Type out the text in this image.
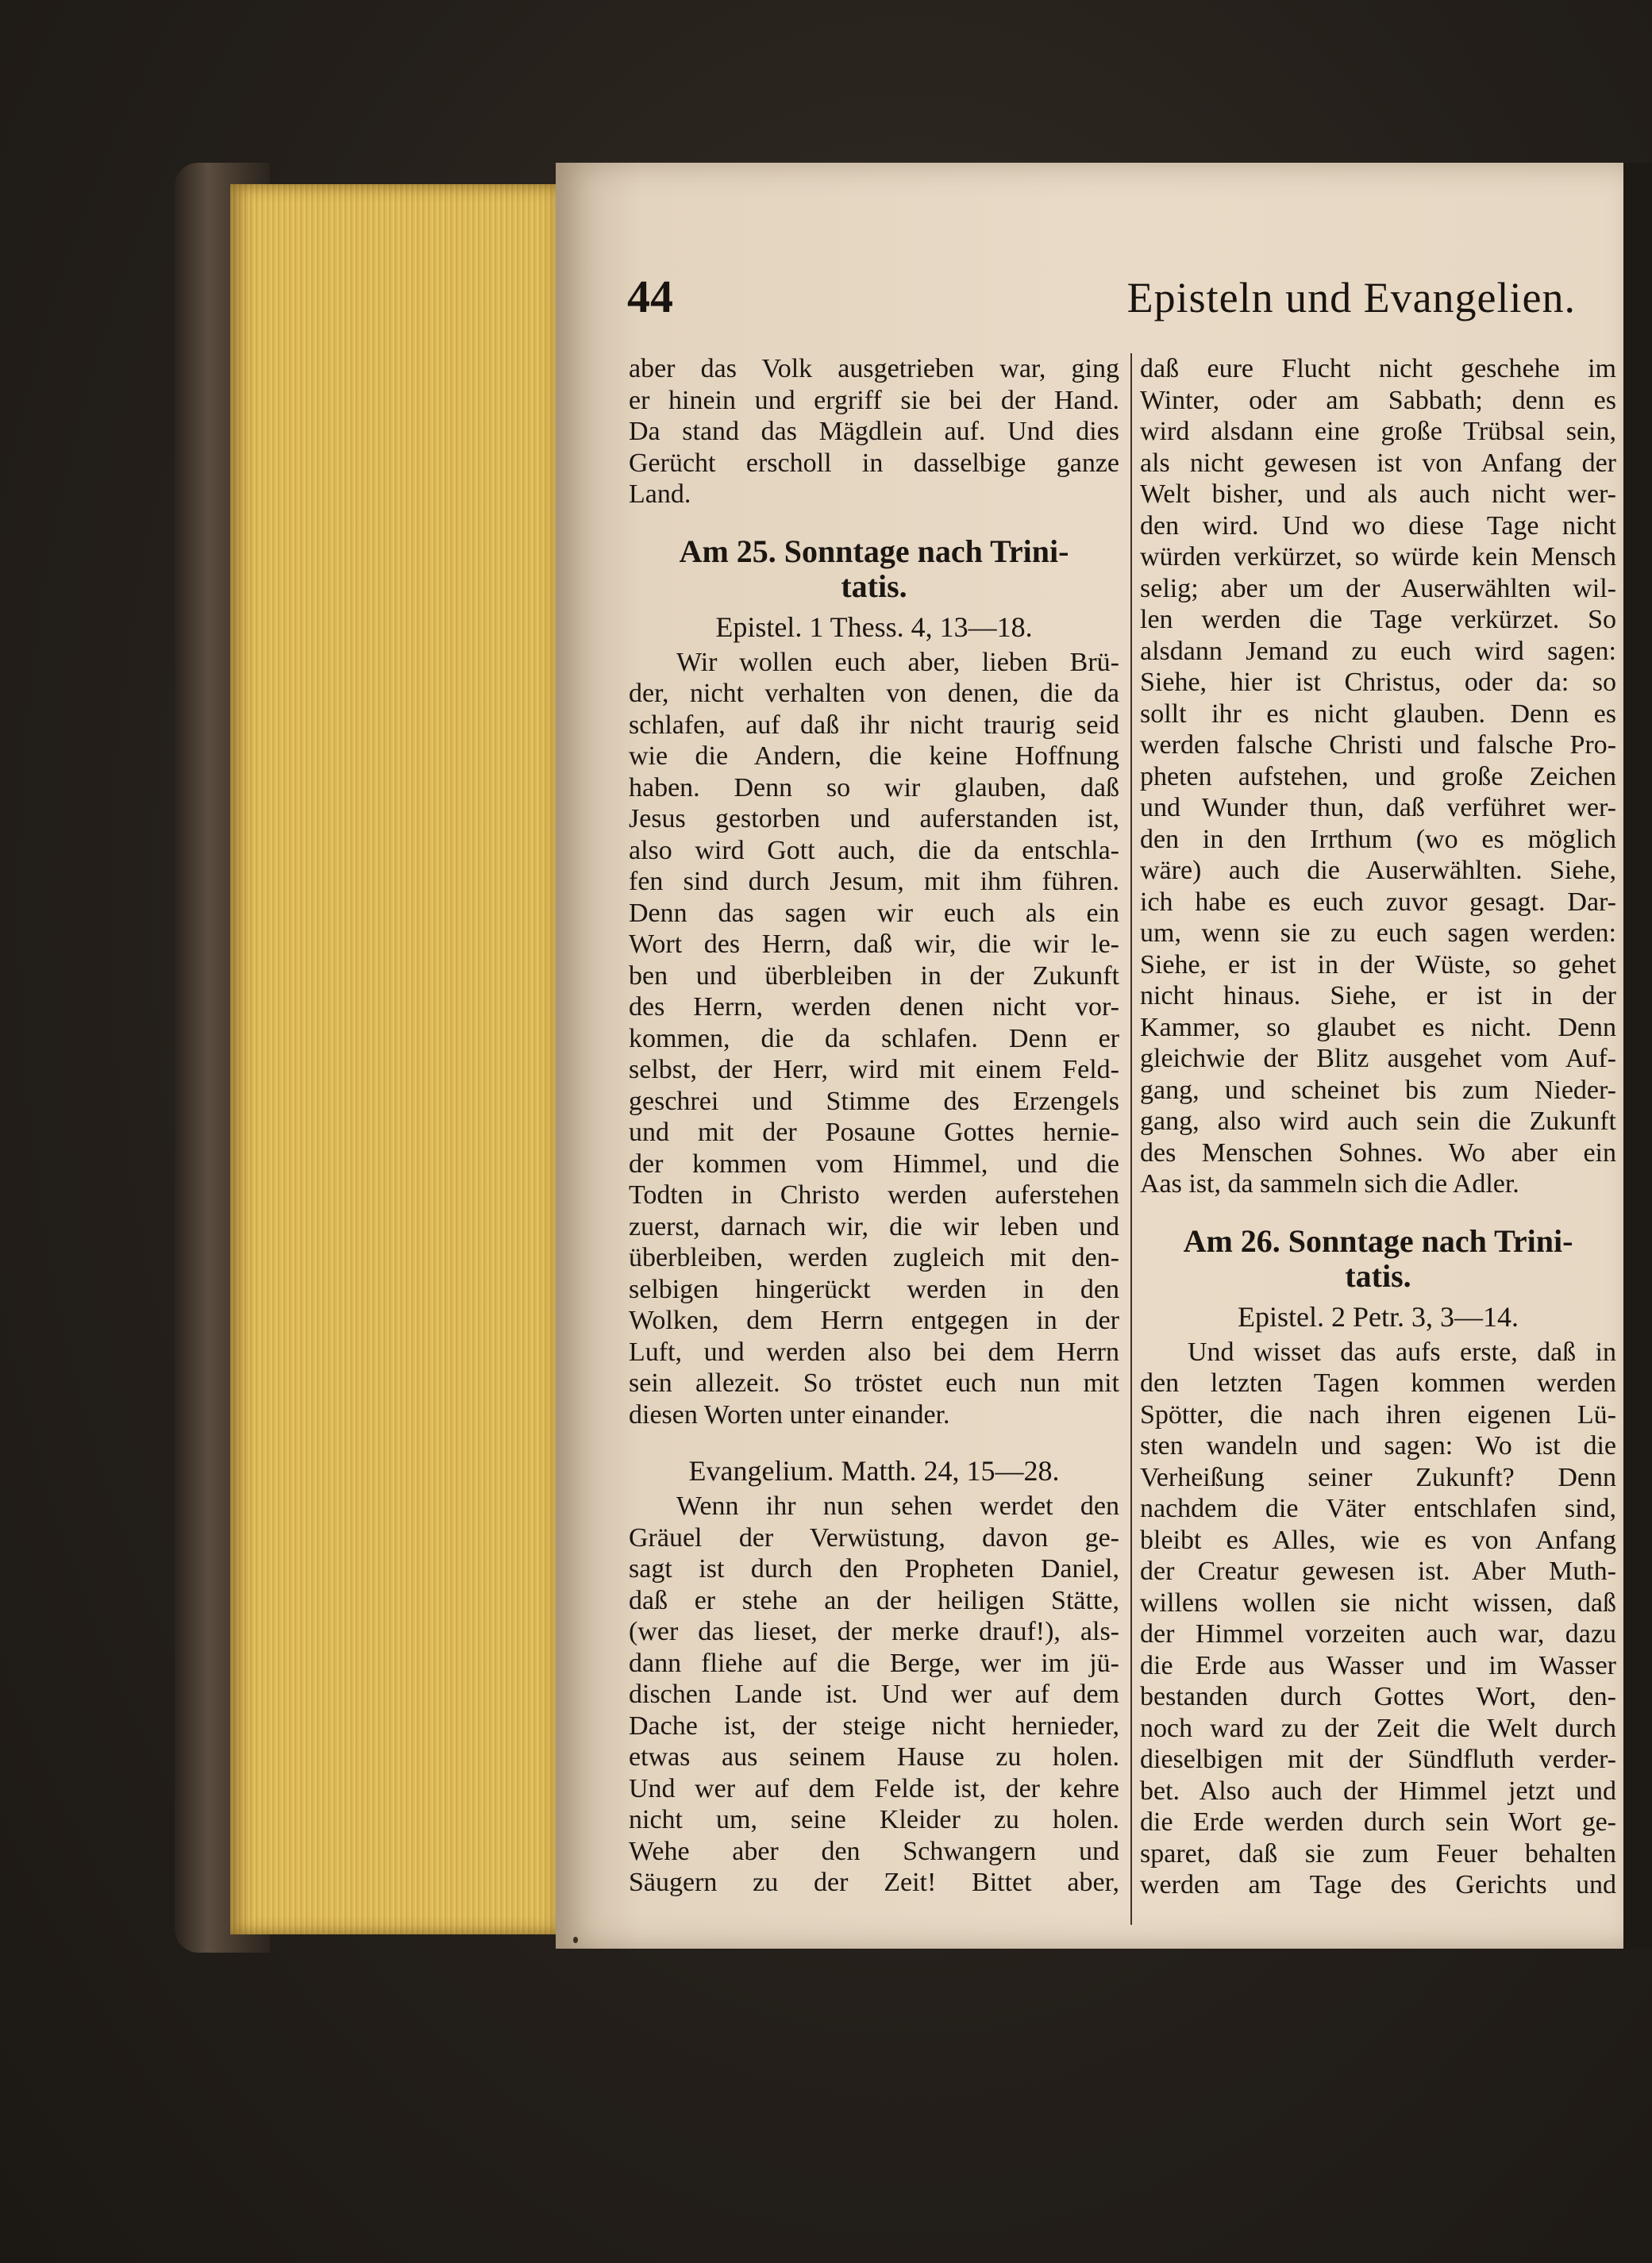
44	Episteln und Evangelien.
aber das Volk ausgetrieben war, ging
er hinein und ergriff sie bei der Hand.
Da stand das Mägdlein auf. Und dies
Gerücht erscholl in dasselbige ganze
Land.
Am 25. Sonntage nach Trini-
tatis.
Epistel. 1 Thess. 4, 13—18.
Wir wollen euch aber, lieben Brü-
der, nicht verhalten von denen, die da
schlafen, auf daß ihr nicht traurig seid
wie die Andern, die keine Hoffnung
haben. Denn so wir glauben, daß
Jesus gestorben und auferstanden ist,
also wird Gott auch, die da entschla-
fen sind durch Jesum, mit ihm führen.
Denn das sagen wir euch als ein
Wort des Herrn, daß wir, die wir le-
ben und überbleiben in der Zukunft
des Herrn, werden denen nicht vor-
kommen, die da schlafen. Denn er
selbst, der Herr, wird mit einem Feld-
geschrei und Stimme des Erzengels
und mit der Posaune Gottes hernie-
der kommen vom Himmel, und die
Todten in Christo werden auferstehen
zuerst, darnach wir, die wir leben und
überbleiben, werden zugleich mit den-
selbigen hingerückt werden in den
Wolken, dem Herrn entgegen in der
Luft, und werden also bei dem Herrn
sein allezeit. So tröstet euch nun mit
diesen Worten unter einander.
Evangelium. Matth. 24, 15—28.
Wenn ihr nun sehen werdet den
Gräuel der Verwüstung, davon ge-
sagt ist durch den Propheten Daniel,
daß er stehe an der heiligen Stätte,
(wer das lieset, der merke drauf!), als-
dann fliehe auf die Berge, wer im jü-
dischen Lande ist. Und wer auf dem
Dache ist, der steige nicht hernieder,
etwas aus seinem Hause zu holen.
Und wer auf dem Felde ist, der kehre
nicht um, seine Kleider zu holen.
Wehe aber den Schwangern und
Säugern zu der Zeit! Bittet aber,
daß eure Flucht nicht geschehe im
Winter, oder am Sabbath; denn es
wird alsdann eine große Trübsal sein,
als nicht gewesen ist von Anfang der
Welt bisher, und als auch nicht wer-
den wird. Und wo diese Tage nicht
würden verkürzet, so würde kein Mensch
selig; aber um der Auserwählten wil-
len werden die Tage verkürzet. So
alsdann Jemand zu euch wird sagen:
Siehe, hier ist Christus, oder da: so
sollt ihr es nicht glauben. Denn es
werden falsche Christi und falsche Pro-
pheten aufstehen, und große Zeichen
und Wunder thun, daß verführet wer-
den in den Irrthum (wo es möglich
wäre) auch die Auserwählten. Siehe,
ich habe es euch zuvor gesagt. Dar-
um, wenn sie zu euch sagen werden:
Siehe, er ist in der Wüste, so gehet
nicht hinaus. Siehe, er ist in der
Kammer, so glaubet es nicht. Denn
gleichwie der Blitz ausgehet vom Auf-
gang, und scheinet bis zum Nieder-
gang, also wird auch sein die Zukunft
des Menschen Sohnes. Wo aber ein
Aas ist, da sammeln sich die Adler.
Am 26. Sonntage nach Trini-
tatis.
Epistel. 2 Petr. 3, 3—14.
Und wisset das aufs erste, daß in
den letzten Tagen kommen werden
Spötter, die nach ihren eigenen Lü-
sten wandeln und sagen: Wo ist die
Verheißung seiner Zukunft? Denn
nachdem die Väter entschlafen sind,
bleibt es Alles, wie es von Anfang
der Creatur gewesen ist. Aber Muth-
willens wollen sie nicht wissen, daß
der Himmel vorzeiten auch war, dazu
die Erde aus Wasser und im Wasser
bestanden durch Gottes Wort, den-
noch ward zu der Zeit die Welt durch
dieselbigen mit der Sündfluth verder-
bet. Also auch der Himmel jetzt und
die Erde werden durch sein Wort ge-
sparet, daß sie zum Feuer behalten
werden am Tage des Gerichts und
